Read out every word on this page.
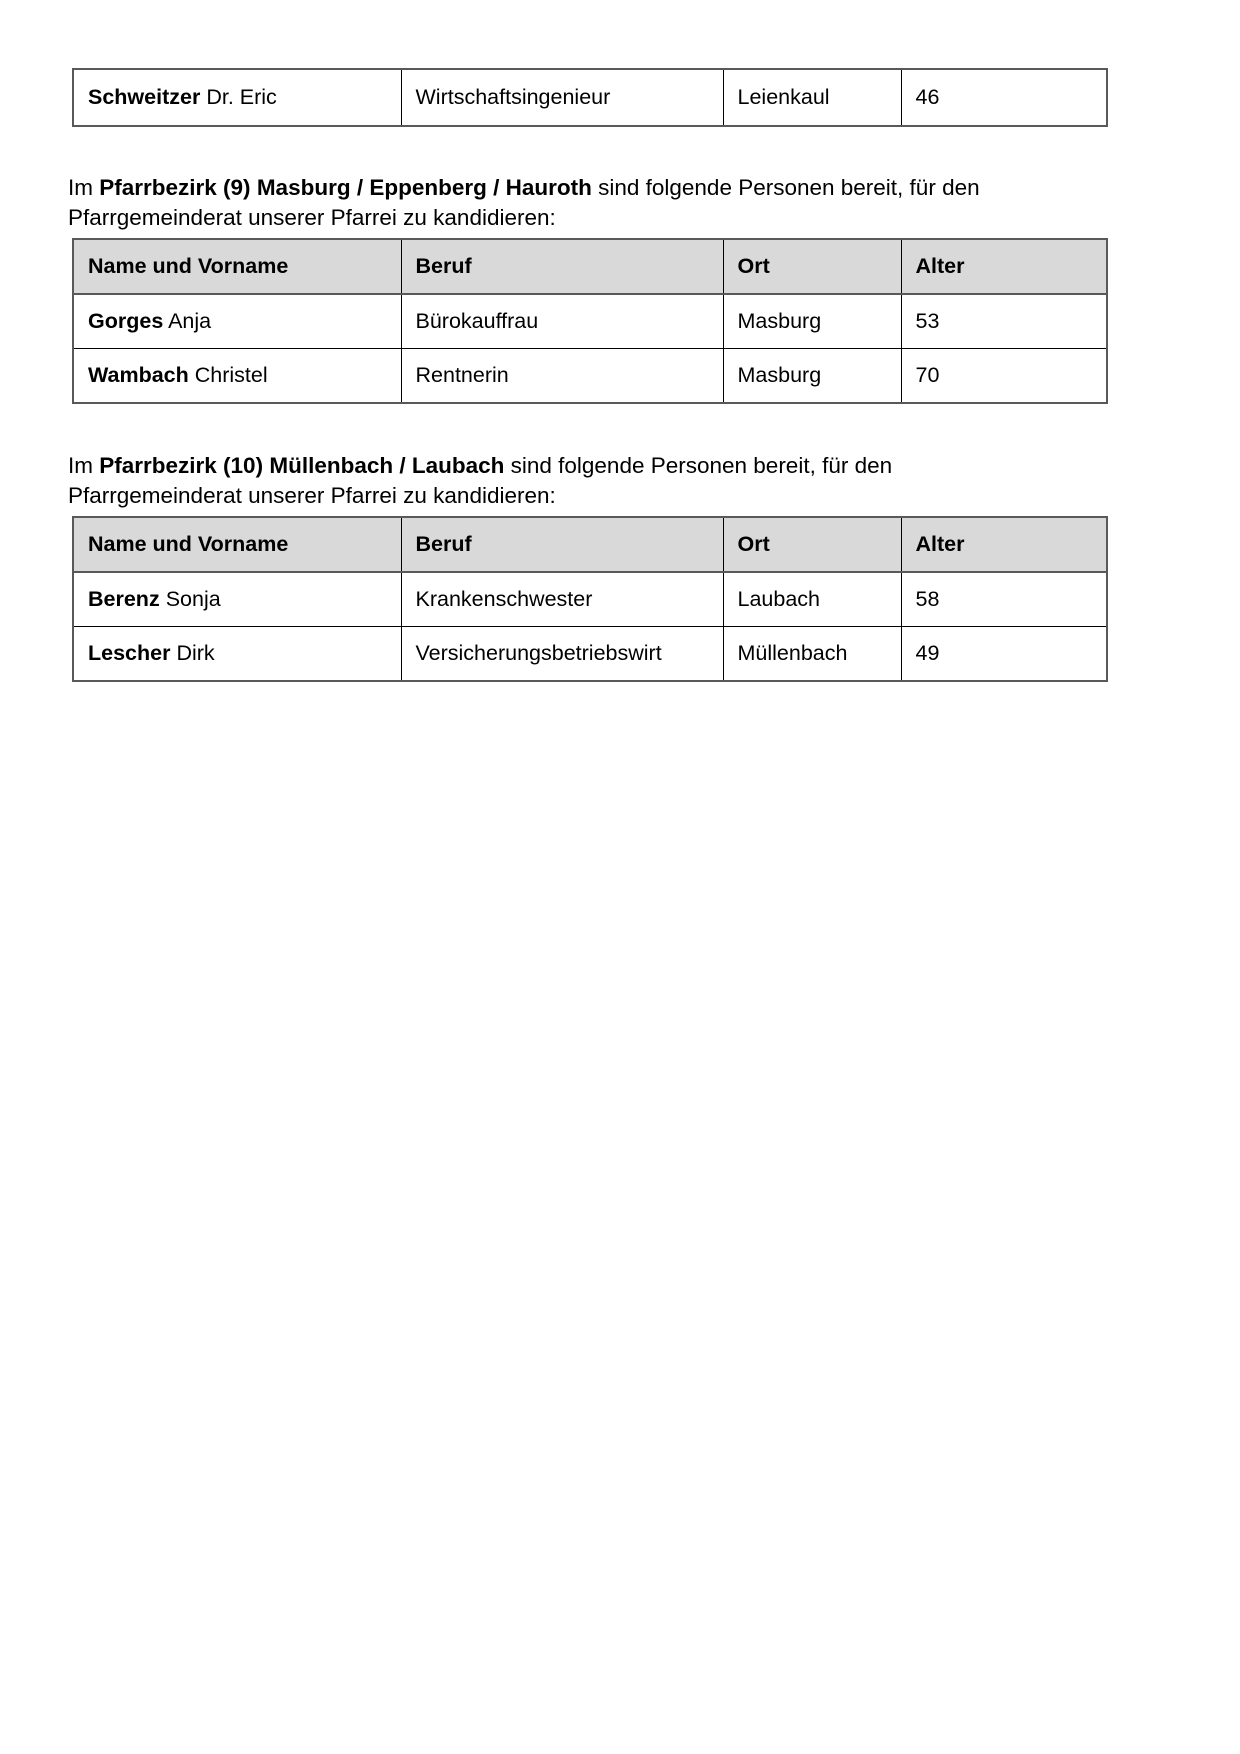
Schweitzer Dr. Eric	Wirtschaftsingenieur	Leienkaul	46

Im Pfarrbezirk (9) Masburg / Eppenberg / Hauroth sind folgende Personen bereit, für den Pfarrgemeinderat unserer Pfarrei zu kandidieren:

Name und Vorname	Beruf	Ort	Alter
Gorges Anja	Bürokauffrau	Masburg	53
Wambach Christel	Rentnerin	Masburg	70

Im Pfarrbezirk (10) Müllenbach / Laubach sind folgende Personen bereit, für den Pfarrgemeinderat unserer Pfarrei zu kandidieren:

Name und Vorname	Beruf	Ort	Alter
Berenz Sonja	Krankenschwester	Laubach	58
Lescher Dirk	Versicherungsbetriebswirt	Müllenbach	49
